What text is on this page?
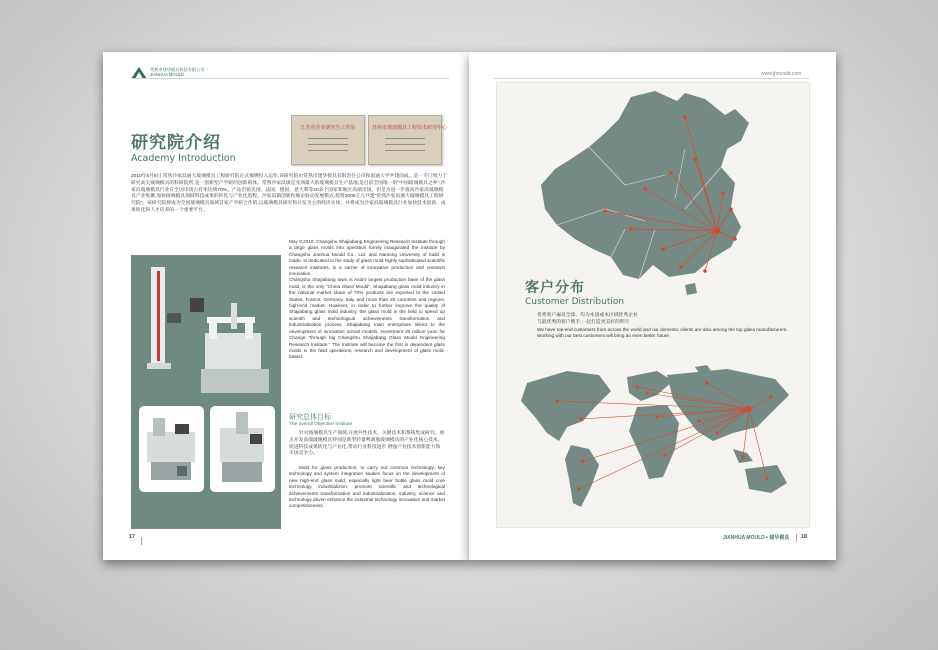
常熟市建华模具科技有限公司
JIANHUA MOULD
研究院介绍
Academy Introduction
江苏省企业研究生工作站	苏州市玻璃模具工程技术研究中心
2010年5月8日 常熟沙家浜通大玻璃模具工程研究院正式揭牌投入运作,该研究院由常熟市建华模具有限责任公司和南通大学共建而成。是一专门致力于研究高尖玻璃模具的科研院所,是一创新型产学研的创新载体。常熟沙家浜镇是亚洲最大的玻璃模具生产基地,是目前全国唯一的"中国玻璃模具之乡",沙家浜玻璃模具行业在全国市场占有率达到70%。产品出销美国、法国、德国、意大利等20多个国家和地区高端市场。但是为进一步提高沙家浜玻璃模具产业集聚,加快玻璃模具领域科技成果的转化与产业化进程。沙家浜镇创新校地企联动发展模式,投资2000万元共建"常熟沙家浜通大玻璃模具工程研究院"。该研究院将成为全国玻璃模具领域首家产学研合作的,以玻璃模具研究和开发为主的经济实体。并将成为沙家浜玻璃模具行业加快技术创新、成果转化和人才培养的一个重要平台。
May 8,2010, Changshu Shajiabang Engineering Research Institute through a large glass molds into operation formly inaugurated the institute by Changshu Jianhua Mould Co., Ltd. and Nantong University of build is made. Is dedicated to the study of glass mold highly sophisticated scientific research institutes, is a carrier of innovative production and research innovation.
Changshu Shajiabang town is Asia's largest production base of the glass mold, is the only "China Glass Mould", Shajiabang glass mold industry in the national market share of 70% products are exported to the United States, France, Germany, Italy and more than 20 countries and regions, high-end market. However, in order to further improve the quality of Shajiabang glass mold industry, the glass mold in the field to speed up scientifi and technological achievements transformation and industrialization process. Shajiabang town enterprises linked to the oevelopment of innovative school models, investment 20 million yuan for Change "through big Changshu Shajiabang Glass Mould Engineering Research Institute." The Institute will become the first in dependent glass molds in the field operations, research and development of glass mold-based.
研究总体目标
The overall Objective Institute
针对玻璃模具生产领域,开展共性技术、关键技术和系统集成研究。重点开发高端玻璃模具特别是新型轻量啤酒瓶玻璃模具的产业化核心技术。促进科技成果转化与产业化,带动行业科技进步,增强产业技术创新能力和市场竞争力。
Mold for glass production, to carry out common technology, key technology and system integration studies focus on the development of new high-end glass mold, especially light beer bottle glass mold core technology industrializion, promote scientific and technological achievements transformation and industrialization, industry, science and technology driven enhance the industrial technology innovation and market competitiveness.
17
www.jhmould.com
客户分布
Customer Distribution
优秀客户遍及全球。均为本国或本区域优秀企业
与最优秀的客户携手,一起打造更美好的明天
We have top-end customers from across the world and our domestic clients are also among the top glass manufacturers.
Working with our best customers will bring an even better future.
JIANHUA MOULD • 建华模具 18
